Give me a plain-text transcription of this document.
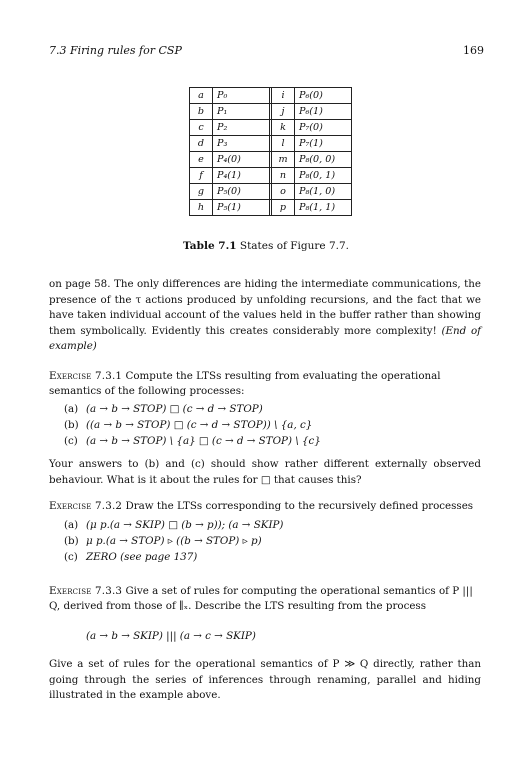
7.3 Firing rules for CSP	169
a	P₀		i	P₆(0)
b	P₁		j	P₆(1)
c	P₂		k	P₇(0)
d	P₃		l	P₇(1)
e	P₄(0)		m	P₈(0, 0)
f	P₄(1)		n	P₈(0, 1)
g	P₅(0)		o	P₈(1, 0)
h	P₅(1)		p	P₈(1, 1)
Table 7.1 States of Figure 7.7.
on page 58. The only differences are hiding the intermediate communications, the presence of the τ actions produced by unfolding recursions, and the fact that we have taken individual account of the values held in the buffer rather than showing them symbolically. Evidently this creates considerably more complexity! (End of example)
Exercise 7.3.1 Compute the LTSs resulting from evaluating the operational semantics of the following processes:
(a) (a → b → STOP) □ (c → d → STOP)
(b) ((a → b → STOP) □ (c → d → STOP)) \ {a, c}
(c) (a → b → STOP) \ {a} □ (c → d → STOP) \ {c}
Your answers to (b) and (c) should show rather different externally observed behaviour. What is it about the rules for □ that causes this?
Exercise 7.3.2 Draw the LTSs corresponding to the recursively defined processes
(a) (μ p.(a → SKIP) □ (b → p)); (a → SKIP)
(b) μ p.(a → STOP) ▹ ((b → STOP) ▹ p)
(c) ZERO (see page 137)
Exercise 7.3.3 Give a set of rules for computing the operational semantics of P ||| Q, derived from those of ∥ₓ. Describe the LTS resulting from the process
(a → b → SKIP) ||| (a → c → SKIP)
Give a set of rules for the operational semantics of P ≫ Q directly, rather than going through the series of inferences through renaming, parallel and hiding illustrated in the example above.
